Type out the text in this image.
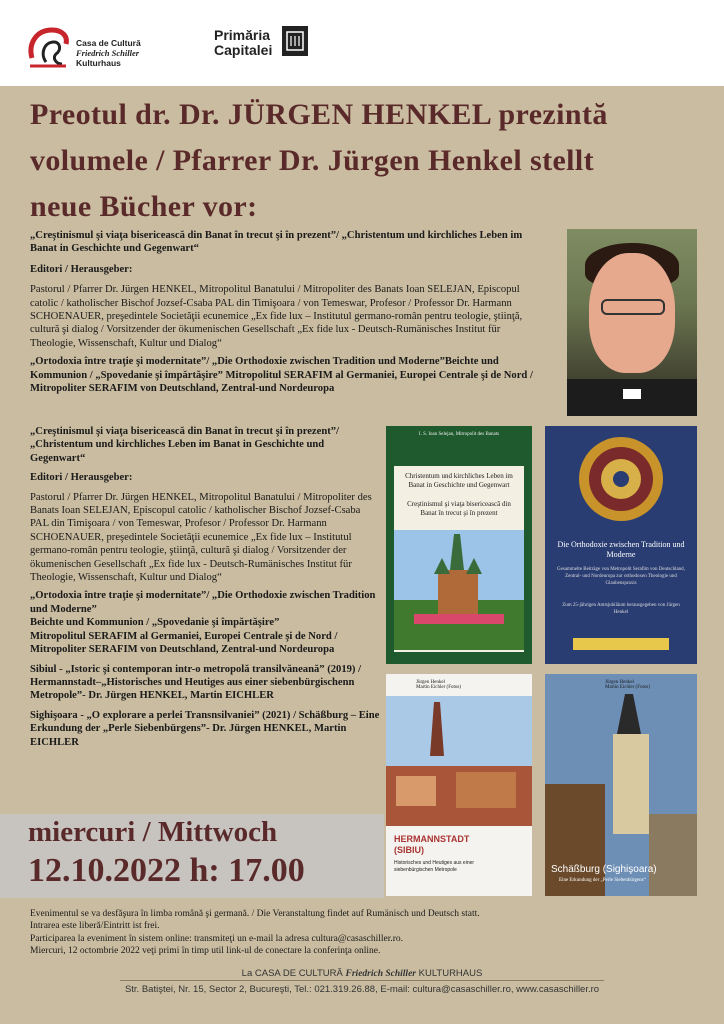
Casa de Cultură
Friedrich Schiller
Kulturhaus
Primăria
Capitalei
Preotul dr. Dr. JÜRGEN HENKEL prezintă
volumele / Pfarrer Dr. Jürgen Henkel stellt
neue Bücher vor:

„Creştinismul şi viaţa bisericească din Banat în trecut şi în prezent”/ „Christentum und kirchliches Leben im Banat in Geschichte und Gegenwart“

Editori / Herausgeber:

Pastorul / Pfarrer Dr. Jürgen HENKEL, Mitropolitul Banatului / Mitropoliter des Banats Ioan SELEJAN, Episcopul catolic / katholischer Bischof Jozsef-Csaba PAL din Timişoara / von Temeswar, Profesor / Professor Dr. Harmann SCHOENAUER, preşedintele Societăţii ecunemice „Ex fide lux – Institutul germano-român pentru teologie, ştiinţă, cultură şi dialog / Vorsitzender der ökumenischen Gesellschaft „Ex fide lux - Deutsch-Rumänisches Institut für Theologie, Wissenschaft, Kultur und Dialog“

„Ortodoxia între traţie şi modernitate”/ „Die Orthodoxie zwischen Tradition und Moderne”Beichte und Kommunion / „Spovedanie şi împărtăşire” Mitropolitul SERAFIM al Germaniei, Europei Centrale şi de Nord / Mitropoliter SERAFIM von Deutschland, Zentral-und Nordeuropa

„Creştinismul şi viaţa bisericească din Banat în trecut şi în prezent”/ „Christentum und kirchliches Leben im Banat in Geschichte und Gegenwart“

Editori / Herausgeber:

Pastorul / Pfarrer Dr. Jürgen HENKEL, Mitropolitul Banatului / Mitropoliter des Banats Ioan SELEJAN, Episcopul catolic / katholischer Bischof Jozsef-Csaba PAL din Timişoara / von Temeswar, Profesor / Professor Dr. Harmann SCHOENAUER, preşedintele Societăţii ecunemice „Ex fide lux – Institutul germano-român pentru teologie, ştiinţă, cultură şi dialog / Vorsitzender der ökumenischen Gesellschaft „Ex fide lux - Deutsch-Rumänisches Institut für Theologie, Wissenschaft, Kultur und Dialog“

„Ortodoxia între traţie şi modernitate”/ „Die Orthodoxie zwischen Tradition und Moderne”

Beichte und Kommunion / „Spovedanie şi împărtăşire”

Mitropolitul SERAFIM al Germaniei, Europei Centrale şi de Nord / Mitropoliter SERAFIM von Deutschland, Zentral-und Nordeuropa

Sibiul - „Istoric şi contemporan intr-o metropolă transilvăneană” (2019) / Hermannstadt–„Historisches und Heutiges aus einer siebenbürgischenn Metropole”- Dr. Jürgen HENKEL, Martin EICHLER

Sighişoara - „O explorare a perlei Transnsilvaniei” (2021) / Schäßburg – Eine Erkundung der „Perle Siebenbürgens”- Dr. Jürgen HENKEL, Martin EICHLER

I. S. Ioan Selejan, Mitropolit des Banats
Christentum und kirchliches Leben im Banat in Geschichte und Gegenwart
Creştinismul şi viaţa bisericească din Banat în trecut şi în prezent
Die Orthodoxie zwischen Tradition und Moderne
Gesammelte Beiträge von Metropolit Serafim von Deutschland, Zentral- und Nordeuropa zur orthodoxen Theologie und Glaubenspraxis
Zum 25-jährigen Amtsjubiläum herausgegeben von Jürgen Henkel
Jürgen Henkel
Martin Eichler (Fotos)
HERMANNSTADT (SIBIU)
Historisches und Heutiges aus einer siebenbürgischen Metropole
Jürgen Henkel
Martin Eichler (Fotos)
Schäßburg (Sighişoara)
Eine Erkundung der „Perle Siebenbürgens“
miercuri / Mittwoch
12.10.2022 h: 17.00

Evenimentul se va desfăşura în limba română şi germană. / Die Veranstaltung findet auf Rumänisch und Deutsch statt.

Intrarea este liberă/Eintritt ist frei.

Participarea la eveniment în sistem online: transmiteţi un e-mail la adresa cultura@casaschiller.ro.

Miercuri, 12 octombrie 2022 veţi primi în timp util link-ul de conectare la conferinţa online.

La CASA DE CULTURĂ Friedrich Schiller KULTURHAUS
Str. Batiştei, Nr. 15, Sector 2, Bucureşti, Tel.: 021.319.26.88, E-mail: cultura@casaschiller.ro, www.casaschiller.ro
